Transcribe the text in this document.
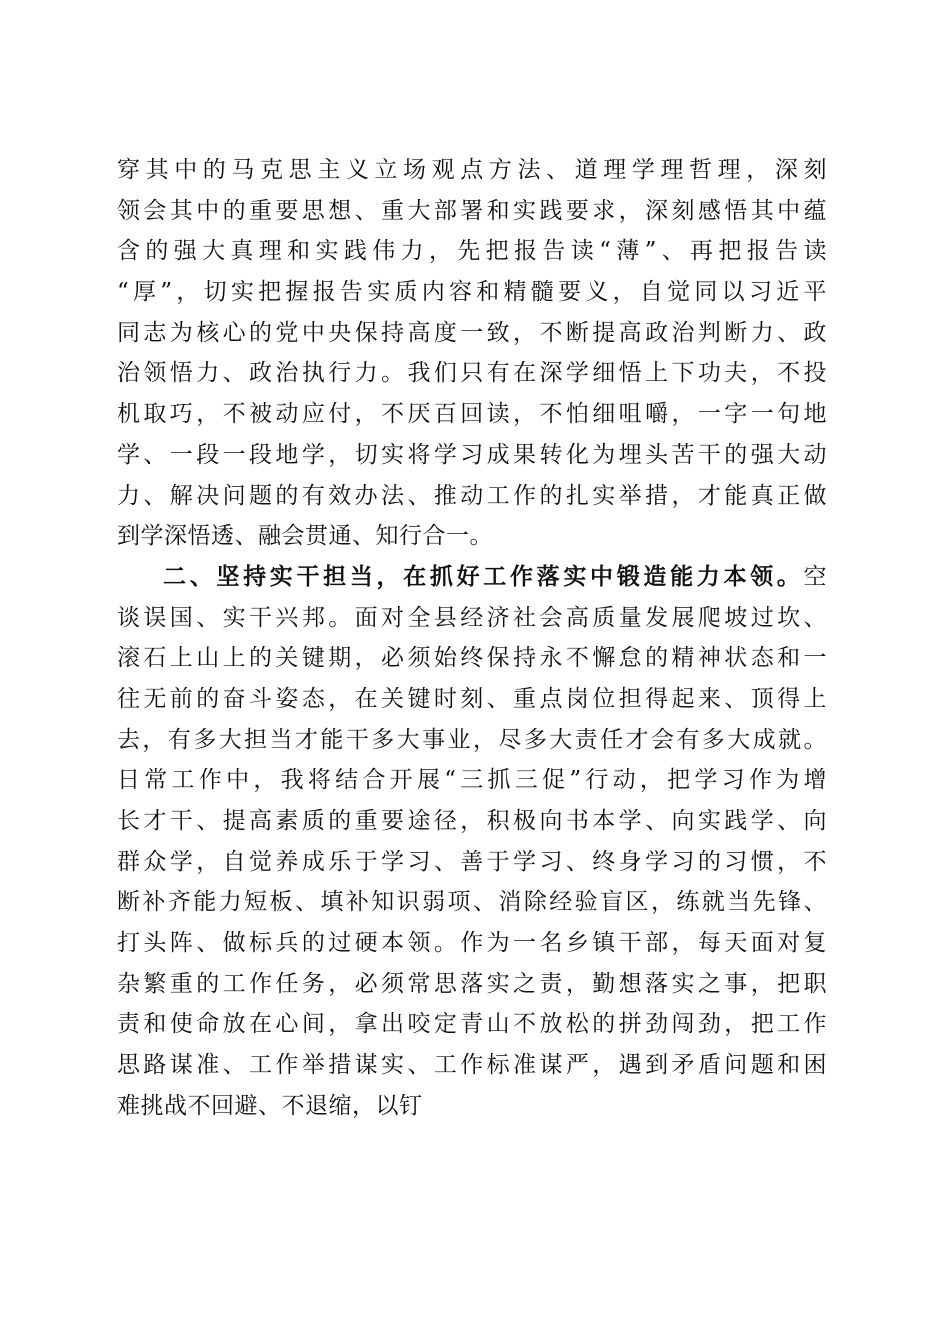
穿其中的马克思主义立场观点方法、道理学理哲理，深刻
领会其中的重要思想、重大部署和实践要求，深刻感悟其中蕴
含的强大真理和实践伟力，先把报告读“薄”、再把报告读
“厚”，切实把握报告实质内容和精髓要义，自觉同以习近平
同志为核心的党中央保持高度一致，不断提高政治判断力、政
治领悟力、政治执行力。我们只有在深学细悟上下功夫，不投
机取巧，不被动应付，不厌百回读，不怕细咀嚼，一字一句地
学、一段一段地学，切实将学习成果转化为埋头苦干的强大动
力、解决问题的有效办法、推动工作的扎实举措，才能真正做
到学深悟透、融会贯通、知行合一。
二、坚持实干担当，在抓好工作落实中锻造能力本领。空
谈误国、实干兴邦。面对全县经济社会高质量发展爬坡过坎、
滚石上山上的关键期，必须始终保持永不懈怠的精神状态和一
往无前的奋斗姿态，在关键时刻、重点岗位担得起来、顶得上
去，有多大担当才能干多大事业，尽多大责任才会有多大成就。
日常工作中，我将结合开展“三抓三促”行动，把学习作为增
长才干、提高素质的重要途径，积极向书本学、向实践学、向
群众学，自觉养成乐于学习、善于学习、终身学习的习惯，不
断补齐能力短板、填补知识弱项、消除经验盲区，练就当先锋、
打头阵、做标兵的过硬本领。作为一名乡镇干部，每天面对复
杂繁重的工作任务，必须常思落实之责，勤想落实之事，把职
责和使命放在心间，拿出咬定青山不放松的拼劲闯劲，把工作
思路谋准、工作举措谋实、工作标准谋严，遇到矛盾问题和困
难挑战不回避、不退缩，以钉
